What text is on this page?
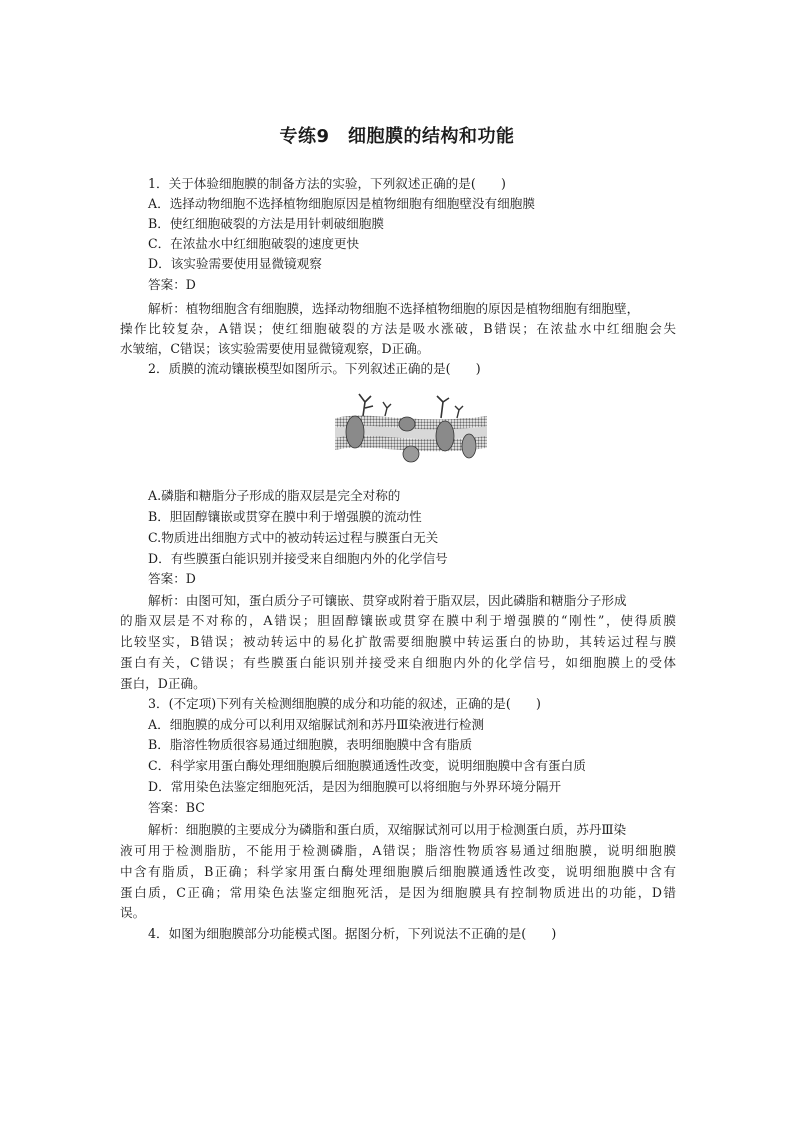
专练9　细胞膜的结构和功能
1．关于体验细胞膜的制备方法的实验，下列叙述正确的是(　　)
A．选择动物细胞不选择植物细胞原因是植物细胞有细胞壁没有细胞膜
B．使红细胞破裂的方法是用针刺破细胞膜
C．在浓盐水中红细胞破裂的速度更快
D．该实验需要使用显微镜观察
答案：D
解析：植物细胞含有细胞膜，选择动物细胞不选择植物细胞的原因是植物细胞有细胞壁，
操作比较复杂，A错误；使红细胞破裂的方法是吸水涨破，B错误；在浓盐水中红细胞会失
水皱缩，C错误；该实验需要使用显微镜观察，D正确。
2．质膜的流动镶嵌模型如图所示。下列叙述正确的是(　　)
A.磷脂和糖脂分子形成的脂双层是完全对称的
B．胆固醇镶嵌或贯穿在膜中利于增强膜的流动性
C.物质进出细胞方式中的被动转运过程与膜蛋白无关
D．有些膜蛋白能识别并接受来自细胞内外的化学信号
答案：D
解析：由图可知，蛋白质分子可镶嵌、贯穿或附着于脂双层，因此磷脂和糖脂分子形成
的脂双层是不对称的，A错误；胆固醇镶嵌或贯穿在膜中利于增强膜的“刚性”，使得质膜
比较坚实，B错误；被动转运中的易化扩散需要细胞膜中转运蛋白的协助，其转运过程与膜
蛋白有关，C错误；有些膜蛋白能识别并接受来自细胞内外的化学信号，如细胞膜上的受体
蛋白，D正确。
3．(不定项)下列有关检测细胞膜的成分和功能的叙述，正确的是(　　)
A．细胞膜的成分可以利用双缩脲试剂和苏丹Ⅲ染液进行检测
B．脂溶性物质很容易通过细胞膜，表明细胞膜中含有脂质
C．科学家用蛋白酶处理细胞膜后细胞膜通透性改变，说明细胞膜中含有蛋白质
D．常用染色法鉴定细胞死活，是因为细胞膜可以将细胞与外界环境分隔开
答案：BC
解析：细胞膜的主要成分为磷脂和蛋白质，双缩脲试剂可以用于检测蛋白质，苏丹Ⅲ染
液可用于检测脂肪，不能用于检测磷脂，A错误；脂溶性物质容易通过细胞膜，说明细胞膜
中含有脂质，B正确；科学家用蛋白酶处理细胞膜后细胞膜通透性改变，说明细胞膜中含有
蛋白质，C正确；常用染色法鉴定细胞死活，是因为细胞膜具有控制物质进出的功能，D错
误。
4．如图为细胞膜部分功能模式图。据图分析，下列说法不正确的是(　　)
